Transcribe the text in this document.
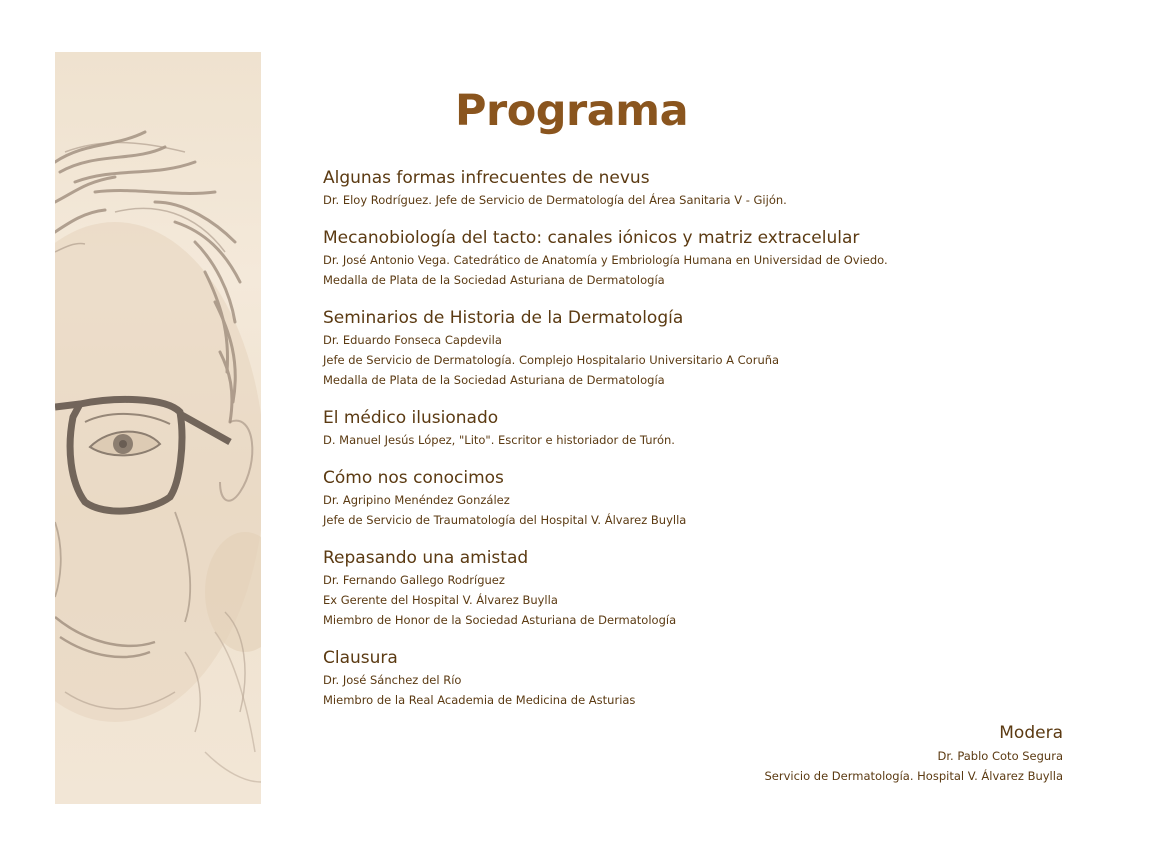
Programa
Algunas formas infrecuentes de nevus
Dr. Eloy Rodríguez. Jefe de Servicio de Dermatología del Área Sanitaria V - Gijón.
Mecanobiología del tacto: canales iónicos y matriz extracelular
Dr. José Antonio Vega. Catedrático de Anatomía y Embriología Humana en Universidad de Oviedo.
Medalla de Plata de la Sociedad Asturiana de Dermatología
Seminarios de Historia de la Dermatología
Dr. Eduardo Fonseca Capdevila
Jefe de Servicio de Dermatología. Complejo Hospitalario Universitario A Coruña
Medalla de Plata de la Sociedad Asturiana de Dermatología
El médico ilusionado
D. Manuel Jesús López, "Lito". Escritor e historiador de Turón.
Cómo nos conocimos
Dr. Agripino Menéndez González
Jefe de Servicio de Traumatología del Hospital V. Álvarez Buylla
Repasando una amistad
Dr. Fernando Gallego Rodríguez
Ex Gerente del Hospital V. Álvarez Buylla
Miembro de Honor de la Sociedad Asturiana de Dermatología
Clausura
Dr. José Sánchez del Río
Miembro de la Real Academia de Medicina de Asturias
Modera
Dr. Pablo Coto Segura
Servicio de Dermatología. Hospital V. Álvarez Buylla
